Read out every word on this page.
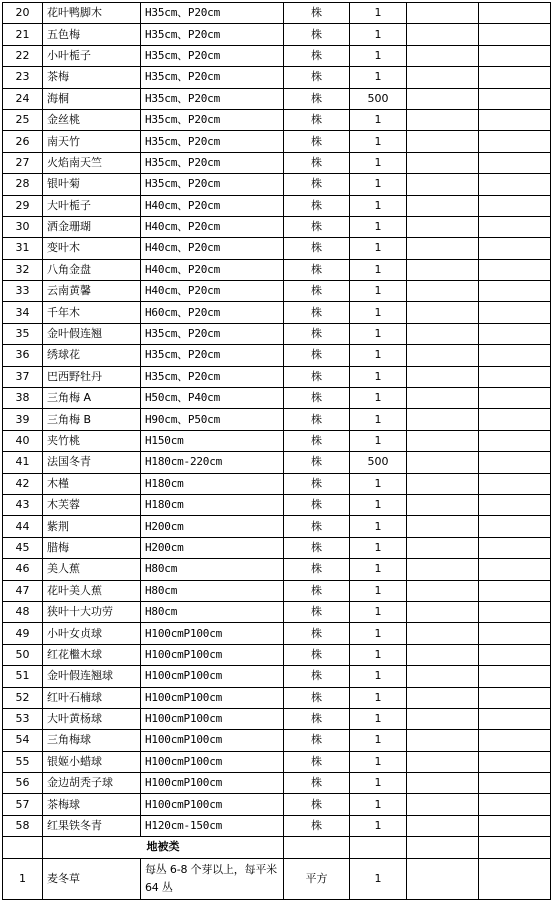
20	花叶鸭脚木	H35cm、P20cm	株	1		
21	五色梅	H35cm、P20cm	株	1		
22	小叶栀子	H35cm、P20cm	株	1		
23	茶梅	H35cm、P20cm	株	1		
24	海桐	H35cm、P20cm	株	500		
25	金丝桃	H35cm、P20cm	株	1		
26	南天竹	H35cm、P20cm	株	1		
27	火焰南天竺	H35cm、P20cm	株	1		
28	银叶菊	H35cm、P20cm	株	1		
29	大叶栀子	H40cm、P20cm	株	1		
30	洒金珊瑚	H40cm、P20cm	株	1		
31	变叶木	H40cm、P20cm	株	1		
32	八角金盘	H40cm、P20cm	株	1		
33	云南黄馨	H40cm、P20cm	株	1		
34	千年木	H60cm、P20cm	株	1		
35	金叶假连翘	H35cm、P20cm	株	1		
36	绣球花	H35cm、P20cm	株	1		
37	巴西野牡丹	H35cm、P20cm	株	1		
38	三角梅 A	H50cm、P40cm	株	1		
39	三角梅 B	H90cm、P50cm	株	1		
40	夹竹桃	H150cm	株	1		
41	法国冬青	H180cm-220cm	株	500		
42	木槿	H180cm	株	1		
43	木芙蓉	H180cm	株	1		
44	紫荆	H200cm	株	1		
45	腊梅	H200cm	株	1		
46	美人蕉	H80cm	株	1		
47	花叶美人蕉	H80cm	株	1		
48	狭叶十大功劳	H80cm	株	1		
49	小叶女贞球	H100cmP100cm	株	1		
50	红花檵木球	H100cmP100cm	株	1		
51	金叶假连翘球	H100cmP100cm	株	1		
52	红叶石楠球	H100cmP100cm	株	1		
53	大叶黄杨球	H100cmP100cm	株	1		
54	三角梅球	H100cmP100cm	株	1		
55	银姬小蜡球	H100cmP100cm	株	1		
56	金边胡秃子球	H100cmP100cm	株	1		
57	茶梅球	H100cmP100cm	株	1		
58	红果铁冬青	H120cm-150cm	株	1		
	地被类					
1	麦冬草	每丛 6-8 个芽以上，每平米 64 丛	平方	1		
